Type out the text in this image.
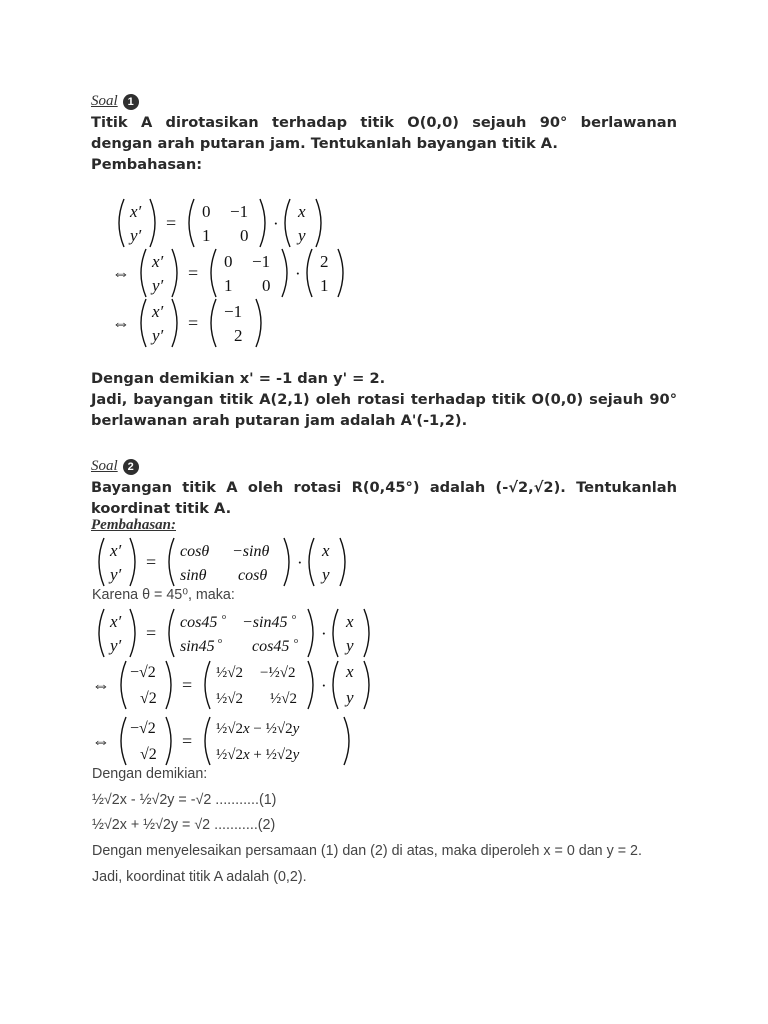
Soal 1

Titik A dirotasikan terhadap titik O(0,0) sejauh 90° berlawanan dengan arah putaran jam. Tentukanlah bayangan titik A.

Pembahasan:

x′
y′
=
0 −1
1 0
·
x
y
⇔
x′
y′
=
0 −1
1 0
·
2
1
⇔
x′
y′
=
−1
2

Dengan demikian x' = -1 dan y' = 2.

Jadi, bayangan titik A(2,1) oleh rotasi terhadap titik O(0,0) sejauh 90° berlawanan arah putaran jam adalah A'(-1,2).

Soal 2

Bayangan titik A oleh rotasi R(0,45°) adalah (-√2,√2). Tentukanlah koordinat titik A.

Pembahasan:
x′
y′
=
cosθ −sinθ
sinθ cosθ
·
x
y
Karena θ = 45⁰, maka:
x′
y′
=
cos45 o −sin45 o
sin45 o cos45 o ·
x
y
⇔
−√2
√2
=
½√2 −½√2
½√2 ½√2
·
x
y
⇔
−√2
√2
=
½√2x − ½√2y
½√2x + ½√2y
Dengan demikian:
½√2x - ½√2y = -√2 ...........(1)
½√2x + ½√2y = √2 ...........(2)
Dengan menyelesaikan persamaan (1) dan (2) di atas, maka diperoleh x = 0 dan y = 2.
Jadi, koordinat titik A adalah (0,2).
